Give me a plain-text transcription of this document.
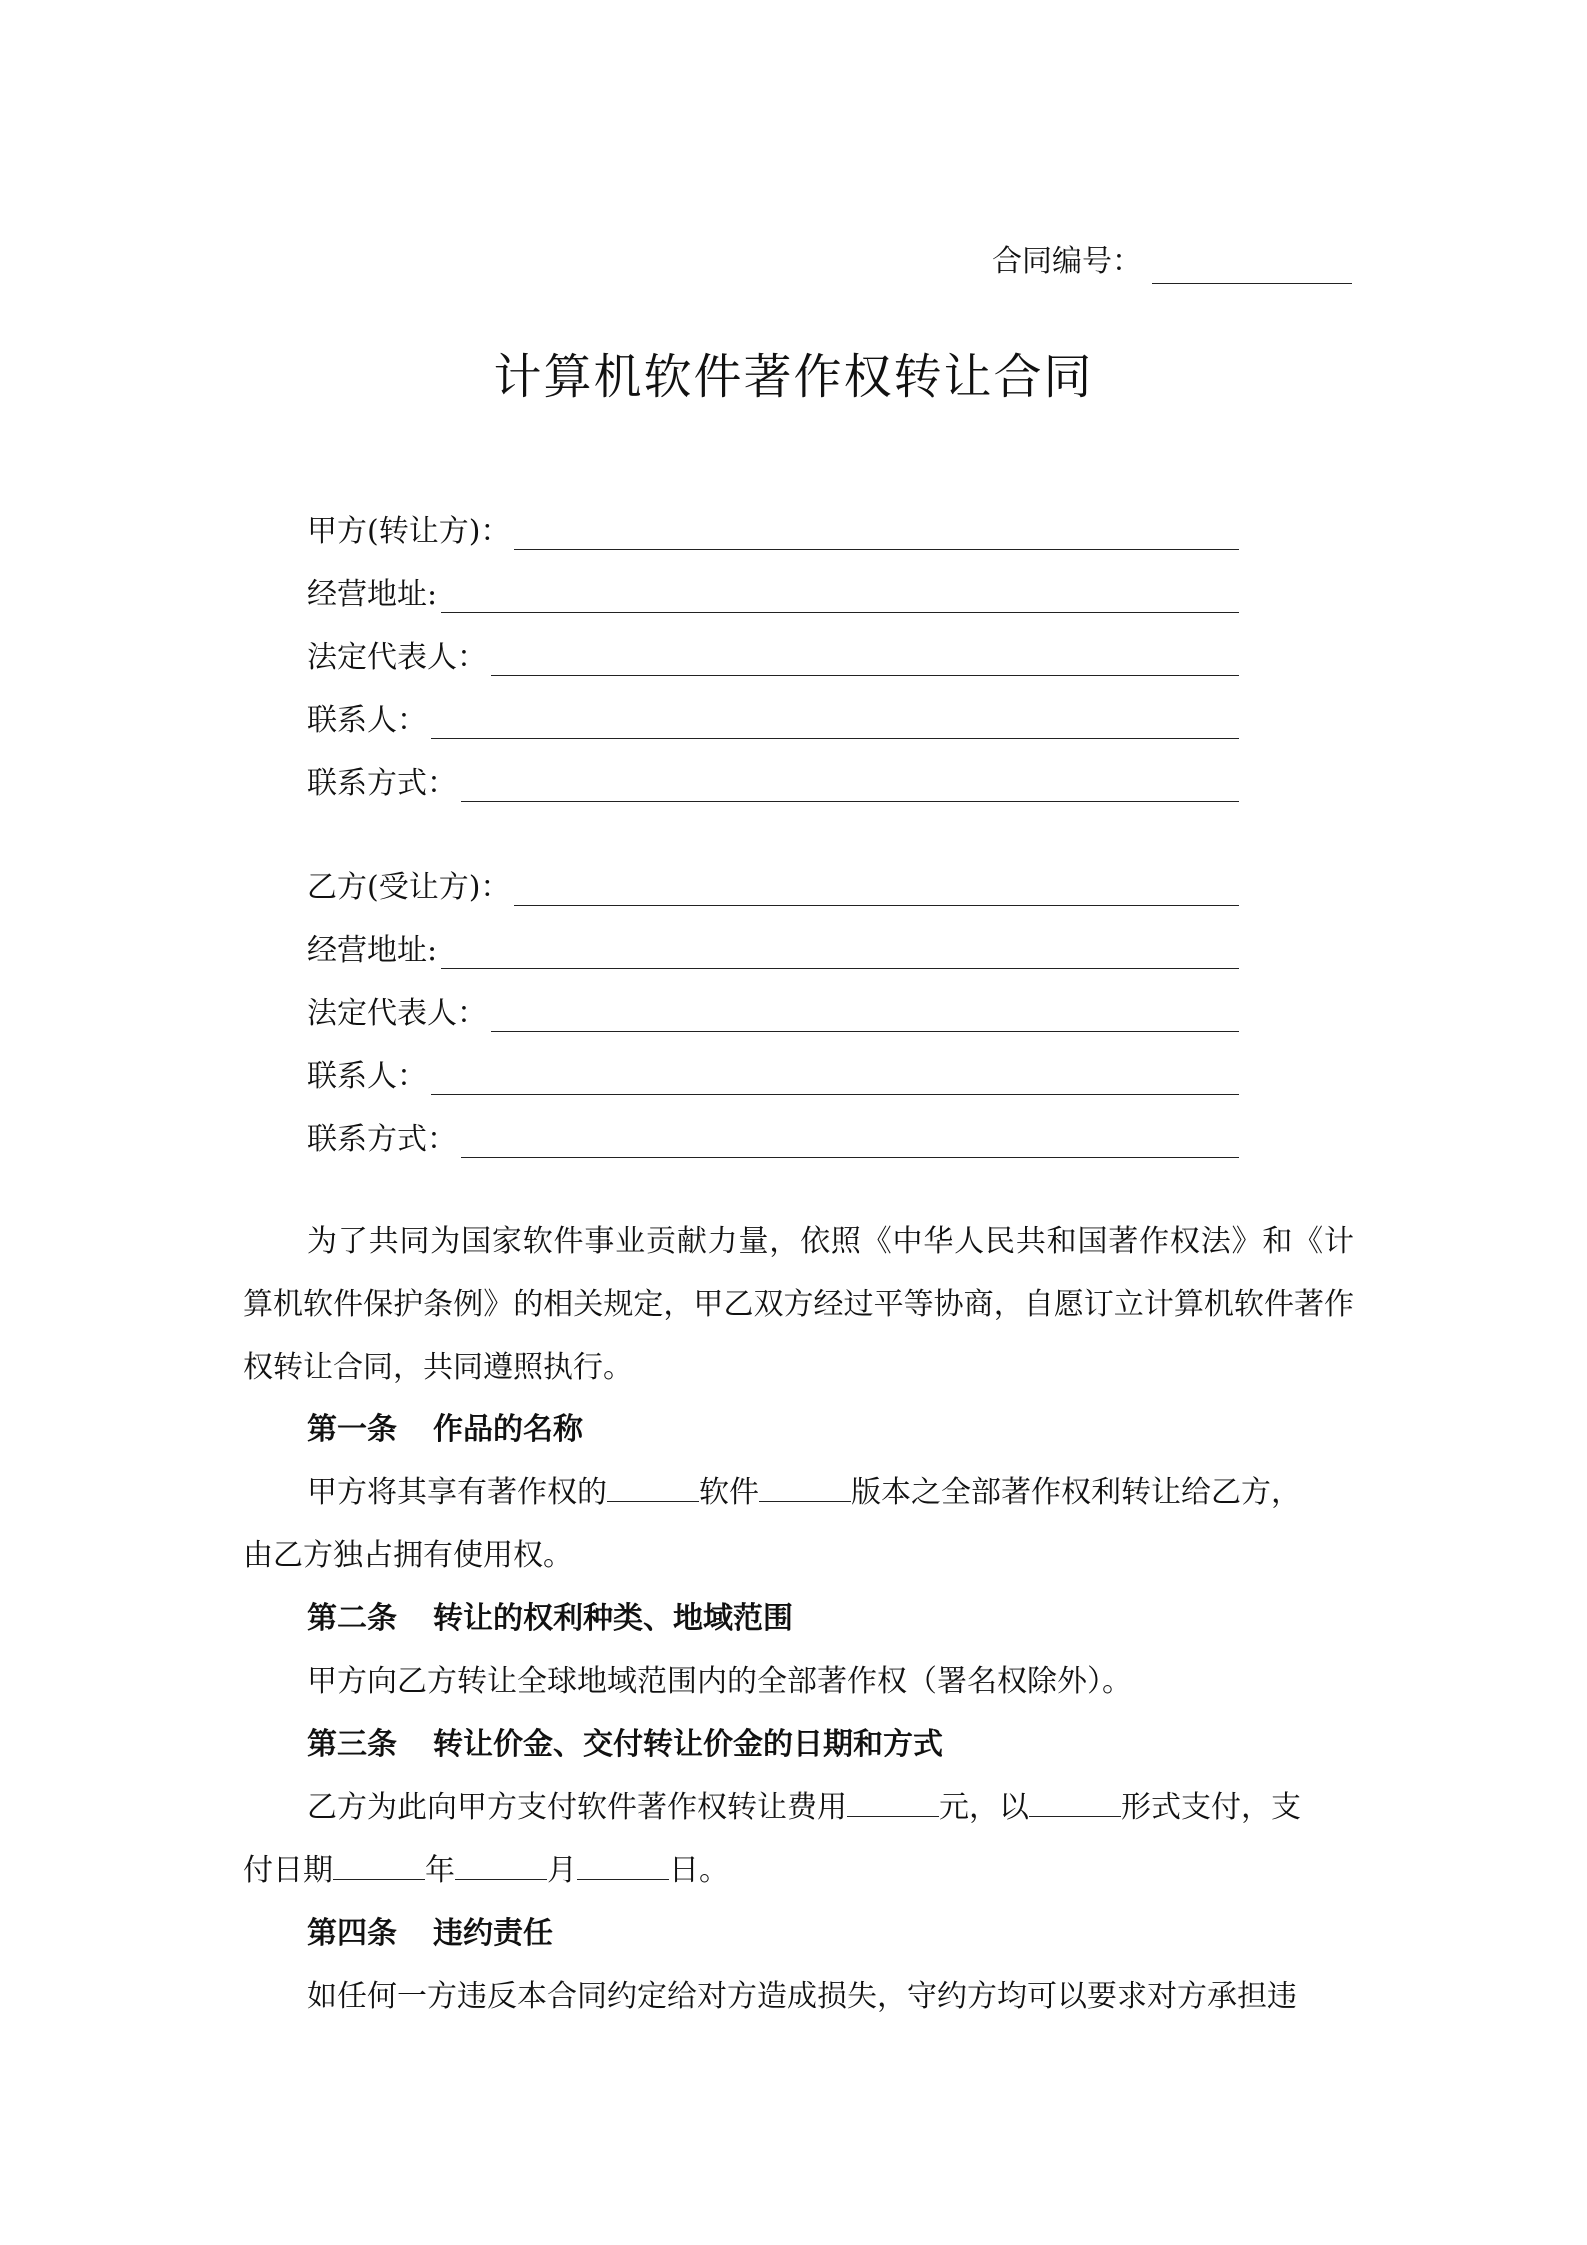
合同编号：
计算机软件著作权转让合同
甲方(转让方)：
经营地址:
法定代表人：
联系人：
联系方式：
乙方(受让方)：
经营地址:
法定代表人：
联系人：
联系方式：
为了共同为国家软件事业贡献力量，依照《中华人民共和国著作权法》和《计算机软件保护条例》的相关规定，甲乙双方经过平等协商，自愿订立计算机软件著作权转让合同，共同遵照执行。
第一条 作品的名称
甲方将其享有著作权的	软件	版本之全部著作权利转让给乙方，
由乙方独占拥有使用权。
第二条 转让的权利种类、地域范围
甲方向乙方转让全球地域范围内的全部著作权（署名权除外）。
第三条 转让价金、交付转让价金的日期和方式
乙方为此向甲方支付软件著作权转让费用	元，以	形式支付，支
付日期	年	月	日。
第四条 违约责任
如任何一方违反本合同约定给对方造成损失，守约方均可以要求对方承担违
